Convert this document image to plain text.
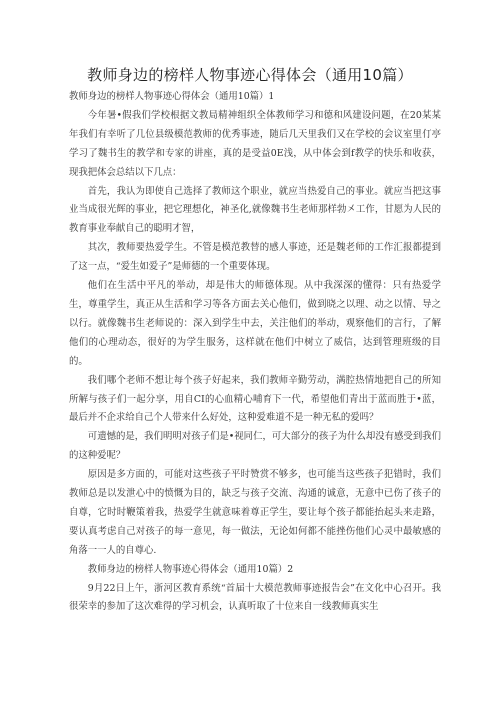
教师身边的榜样人物事迹心得体会（通用10篇）

教师身边的榜样人物事迹心得体会（通用10篇）1

今年暑•假我们学校根据文教局精神组织全体教师学习和德和风建设问题，在20某某年我们有幸听了几位县级模范教师的优秀事迹，随后几天里我们又在学校的会议室里仃亭学习了魏书生的教学和专家的讲座，真的是受益0E浅，从中体会到f教学的快乐和收获，现我把体会总结以下几点：

首先，我认为即使自己选择了教师这个职业，就应当热爱自己的事业。就应当把这事业当成很光辉的事业，把它理想化，神圣化,就像魏书生老师那样勃㐅工作，甘愿为人民的教育事业奉献自己的聪明才智，

其次，教师要热爱学生。不管是模范教替的感人事迹，还是魏老师的工作汇报都提到了这一点，“爱生如爱子”是师德的一个重要体现。

他们在生活中平凡的举动，却是伟大的师德体现。从中我深深的懂得：只有热爱学生，尊重学生，真正从生活和学习等各方面去关心他们，做到晓之以理、动之以情、导之以行。就像魏书生老师说的：深入到学生中去，关注他们的举动，观察他们的言行，了解他们的心理动态，很好的为学生服务，这样就在他们中树立了威信，达到管理班级的目的。

我们哪个老师不想让每个孩子好起来，我们教师辛勤劳动，满腔热情地把自己的所知所解与孩子们一起分享，用自CI的心血精心哺育下一代，希望他们青出于蓝而胜于•蓝，最后并不企求给自己个人带来什么好处，这种爱难道不是一种无私的爱吗？

可遗憾的是，我们明明对孩子们是•视同仁，可大部分的孩子为什么却没有感受到我们的这种爱呢？

原因是多方面的，可能对这些孩子平时赞赏不够多，也可能当这些孩子犯错时，我们教师总是以发泄心中的愤慨为目的，缺乏与孩子交流、沟通的诚意，无意中已伤了孩子的自尊，它时时鞭策着我，热爱学生就意味着尊正学生，要让每个孩子都能抬起头来走路，要认真考虑自己对孩子的每一意见，每一做法，无论如何都不能挫伤他们心灵中最敏感的角落一一人的自尊心.

教师身边的榜样人物事迹心得体会（通用10篇）2

9月22日上午，浙河区教育系统“首届十大模范教师事迹报告会”在文化中心召开。我很荣幸的参加了这次难得的学习机会，认真听取了十位来自一线教师真实生
